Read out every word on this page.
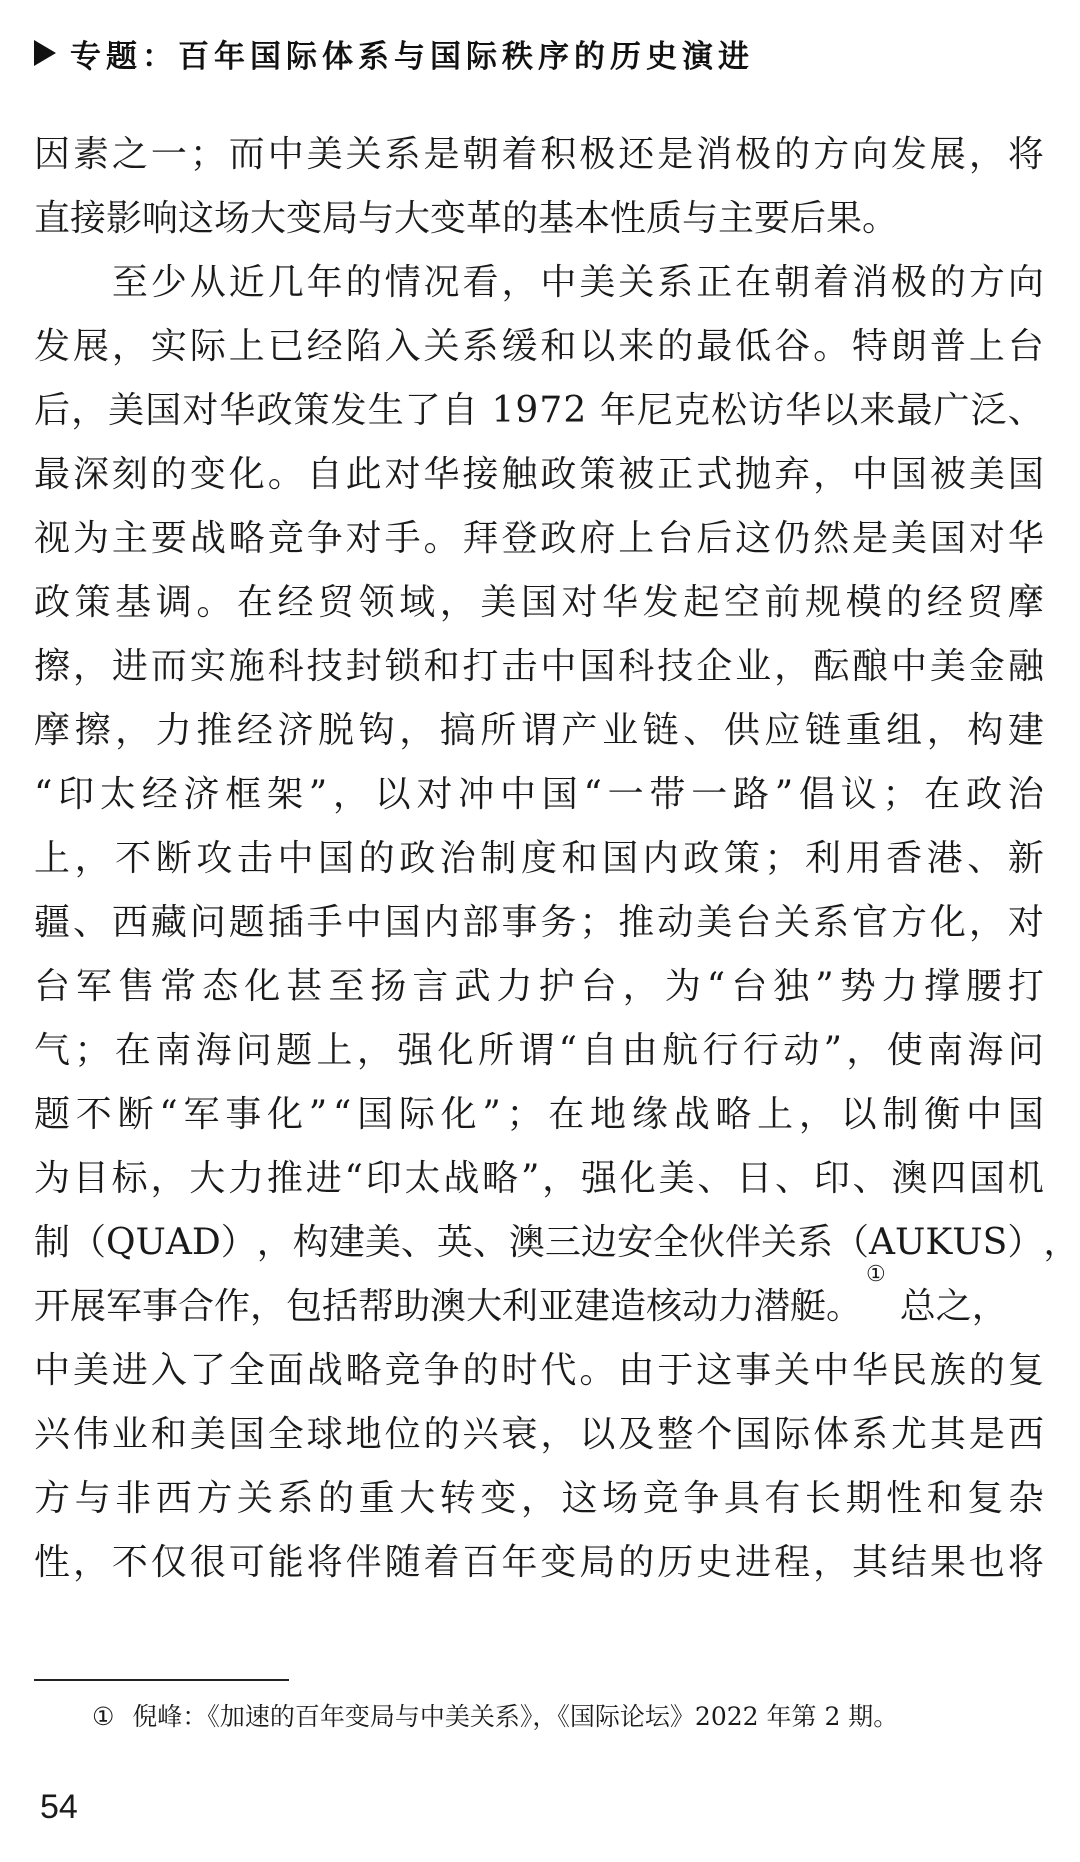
专题：百年国际体系与国际秩序的历史演进
因 素 之 一 ； 而 中 美 关 系 是 朝 着 积 极 还 是 消 极 的 方 向 发 展 ， 将
直接影响这场大变局与大变革的基本性质与主要后果。

至 少 从 近 几 年 的 情 况 看 ， 中 美 关 系 正 在 朝 着 消 极 的 方 向
发 展 ， 实 际 上 已 经 陷 入 关 系 缓 和 以 来 的 最 低 谷 。 特 朗 普 上 台
后 ， 美 国 对 华 政 策 发 生 了 自
1 9 7 2
年 尼 克 松 访 华 以 来 最 广 泛 、
最 深 刻 的 变 化 。 自 此 对 华 接 触 政 策 被 正 式 抛 弃 ， 中 国 被 美 国
视 为 主 要 战 略 竞 争 对 手 。 拜 登 政 府 上 台 后 这 仍 然 是 美 国 对 华
政 策 基 调 。 在 经 贸 领 域 ， 美 国 对 华 发 起 空 前 规 模 的 经 贸 摩
擦 ， 进 而 实 施 科 技 封 锁 和 打 击 中 国 科 技 企 业 ， 酝 酿 中 美 金 融
摩 擦 ， 力 推 经 济 脱 钩 ， 搞 所 谓 产 业 链 、 供 应 链 重 组 ， 构 建
“ 印 太 经 济 框 架 ” ， 以 对 冲 中 国 “ 一 带 一 路 ” 倡 议 ； 在 政 治
上 ， 不 断 攻 击 中 国 的 政 治 制 度 和 国 内 政 策 ； 利 用 香 港 、 新
疆 、 西 藏 问 题 插 手 中 国 内 部 事 务 ； 推 动 美 台 关 系 官 方 化 ， 对
台 军 售 常 态 化 甚 至 扬 言 武 力 护 台 ， 为 “ 台 独 ” 势 力 撑 腰 打
气 ； 在 南 海 问 题 上 ， 强 化 所 谓 “ 自 由 航 行 行 动 ” ， 使 南 海 问
题 不 断 “ 军 事 化 ” “ 国 际 化 ” ； 在 地 缘 战 略 上 ， 以 制 衡 中 国
为 目 标 ， 大 力 推 进 “ 印 太 战 略 ” ， 强 化 美 、 日 、 印 、 澳 四 国 机
制 （ Q U A D ） ， 构 建 美 、 英 、 澳 三 边 安 全 伙 伴 关 系 （ A U K U S ） ，
开展军事合作，包括帮助澳大利亚建造核动力潜艇。
①
总之，
中 美 进 入 了 全 面 战 略 竞 争 的 时 代 。 由 于 这 事 关 中 华 民 族 的 复
兴 伟 业 和 美 国 全 球 地 位 的 兴 衰 ， 以 及 整 个 国 际 体 系 尤 其 是 西
方 与 非 西 方 关 系 的 重 大 转 变 ， 这 场 竞 争 具 有 长 期 性 和 复 杂
性 ， 不 仅 很 可 能 将 伴 随 着 百 年 变 局 的 历 史 进 程 ， 其 结 果 也 将
① 倪峰：《加速的百年变局与中美关系》，《国际论坛》2022 年第 2 期。
54
